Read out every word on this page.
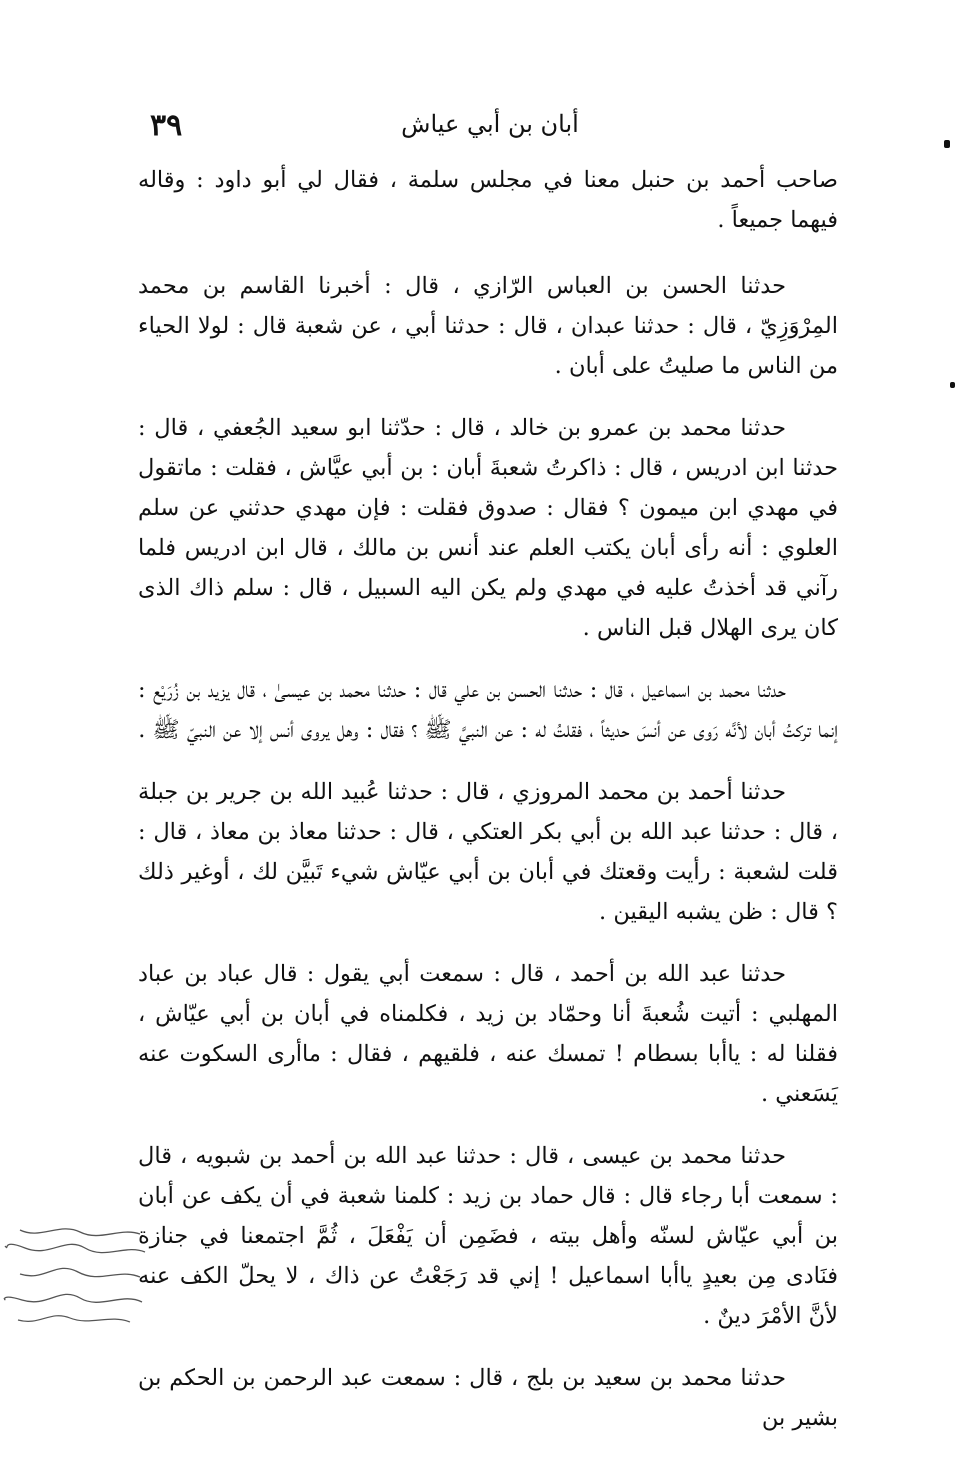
٣٩	أبان بن أبي عياش

صاحب أحمد بن حنبل معنا في مجلس سلمة ، فقال لي أبو داود : وقاله فيهما جميعاً .

حدثنا الحسن بن العباس الرّازي ، قال : أخبرنا القاسم بن محمد المِرْوَزِيّ ، قال : حدثنا عبدان ، قال : حدثنا أبي ، عن شعبة قال : لولا الحياء من الناس ما صليتُ على أبان .

حدثنا محمد بن عمرو بن خالد ، قال : حدّثنا ابو سعيد الجُعفي ، قال : حدثنا ابن ادريس ، قال : ذاكرتُ شعبةَ أبان : بن أبي عيَّاش ، فقلت : ماتقول في مهدي ابن ميمون ؟ فقال : صدوق فقلت : فإن مهدي حدثني عن سلم العلوي : أنه رأى أبان يكتب العلم عند أنس بن مالك ، قال ابن ادريس فلما رآني قد أخذتُ عليه في مهدي ولم يكن اليه السبيل ، قال : سلم ذاك الذى كان يرى الهلال قبل الناس .

حدثنا محمد بن اسماعيل ، قال : حدثنا الحسن بن علي قال : حدثنا محمد بن عيسىٰ ، قال يزيد بن زُرَيْع : إنما تركتُ أبان لأنَّه رَوى عن أنسَ حديثاً ، فقلتُ له : عن النبيَّ ﷺ ؟ فقال : وهل يروى أنس إلا عن النبيّ ﷺ .

حدثنا أحمد بن محمد المروزي ، قال : حدثنا عُبيد الله بن جرير بن جبلة ، قال : حدثنا عبد الله بن أبي بكر العتكي ، قال : حدثنا معاذ بن معاذ ، قال : قلت لشعبة : رأيت وقعتك في أبان بن أبي عيّاش شيء تَبيَّن لك ، أوغير ذلك ؟ قال : ظن يشبه اليقين .

حدثنا عبد الله بن أحمد ، قال : سمعت أبي يقول : قال عباد بن عباد المهلبي : أتيت شُعبةَ أنا وحمّاد بن زيد ، فكلمناه في أبان بن أبي عيّاش ، فقلنا له : ياأبا بسطام ! تمسك عنه ، فلقيهم ، فقال : ماأرى السكوت عنه يَسَعني .

حدثنا محمد بن عيسى ، قال : حدثنا عبد الله بن أحمد بن شبويه ، قال : سمعت أبا رجاء قال : قال حماد بن زيد : كلمنا شعبة في أن يكف عن أبان بن أبي عيّاش لسنّه وأهل بيته ، فضَمِن أن يَفْعَلَ ، ثُمَّ اجتمعنا في جنازة فنَادى مِن بعيدٍ ياأبا اسماعيل ! إني قد رَجَعْتُ عن ذاك ، لا يحلّ الكف عنه لأنَّ الأمْرَ دينٌ .

حدثنا محمد بن سعيد بن بلج ، قال : سمعت عبد الرحمن بن الحكم بن بشير بن
